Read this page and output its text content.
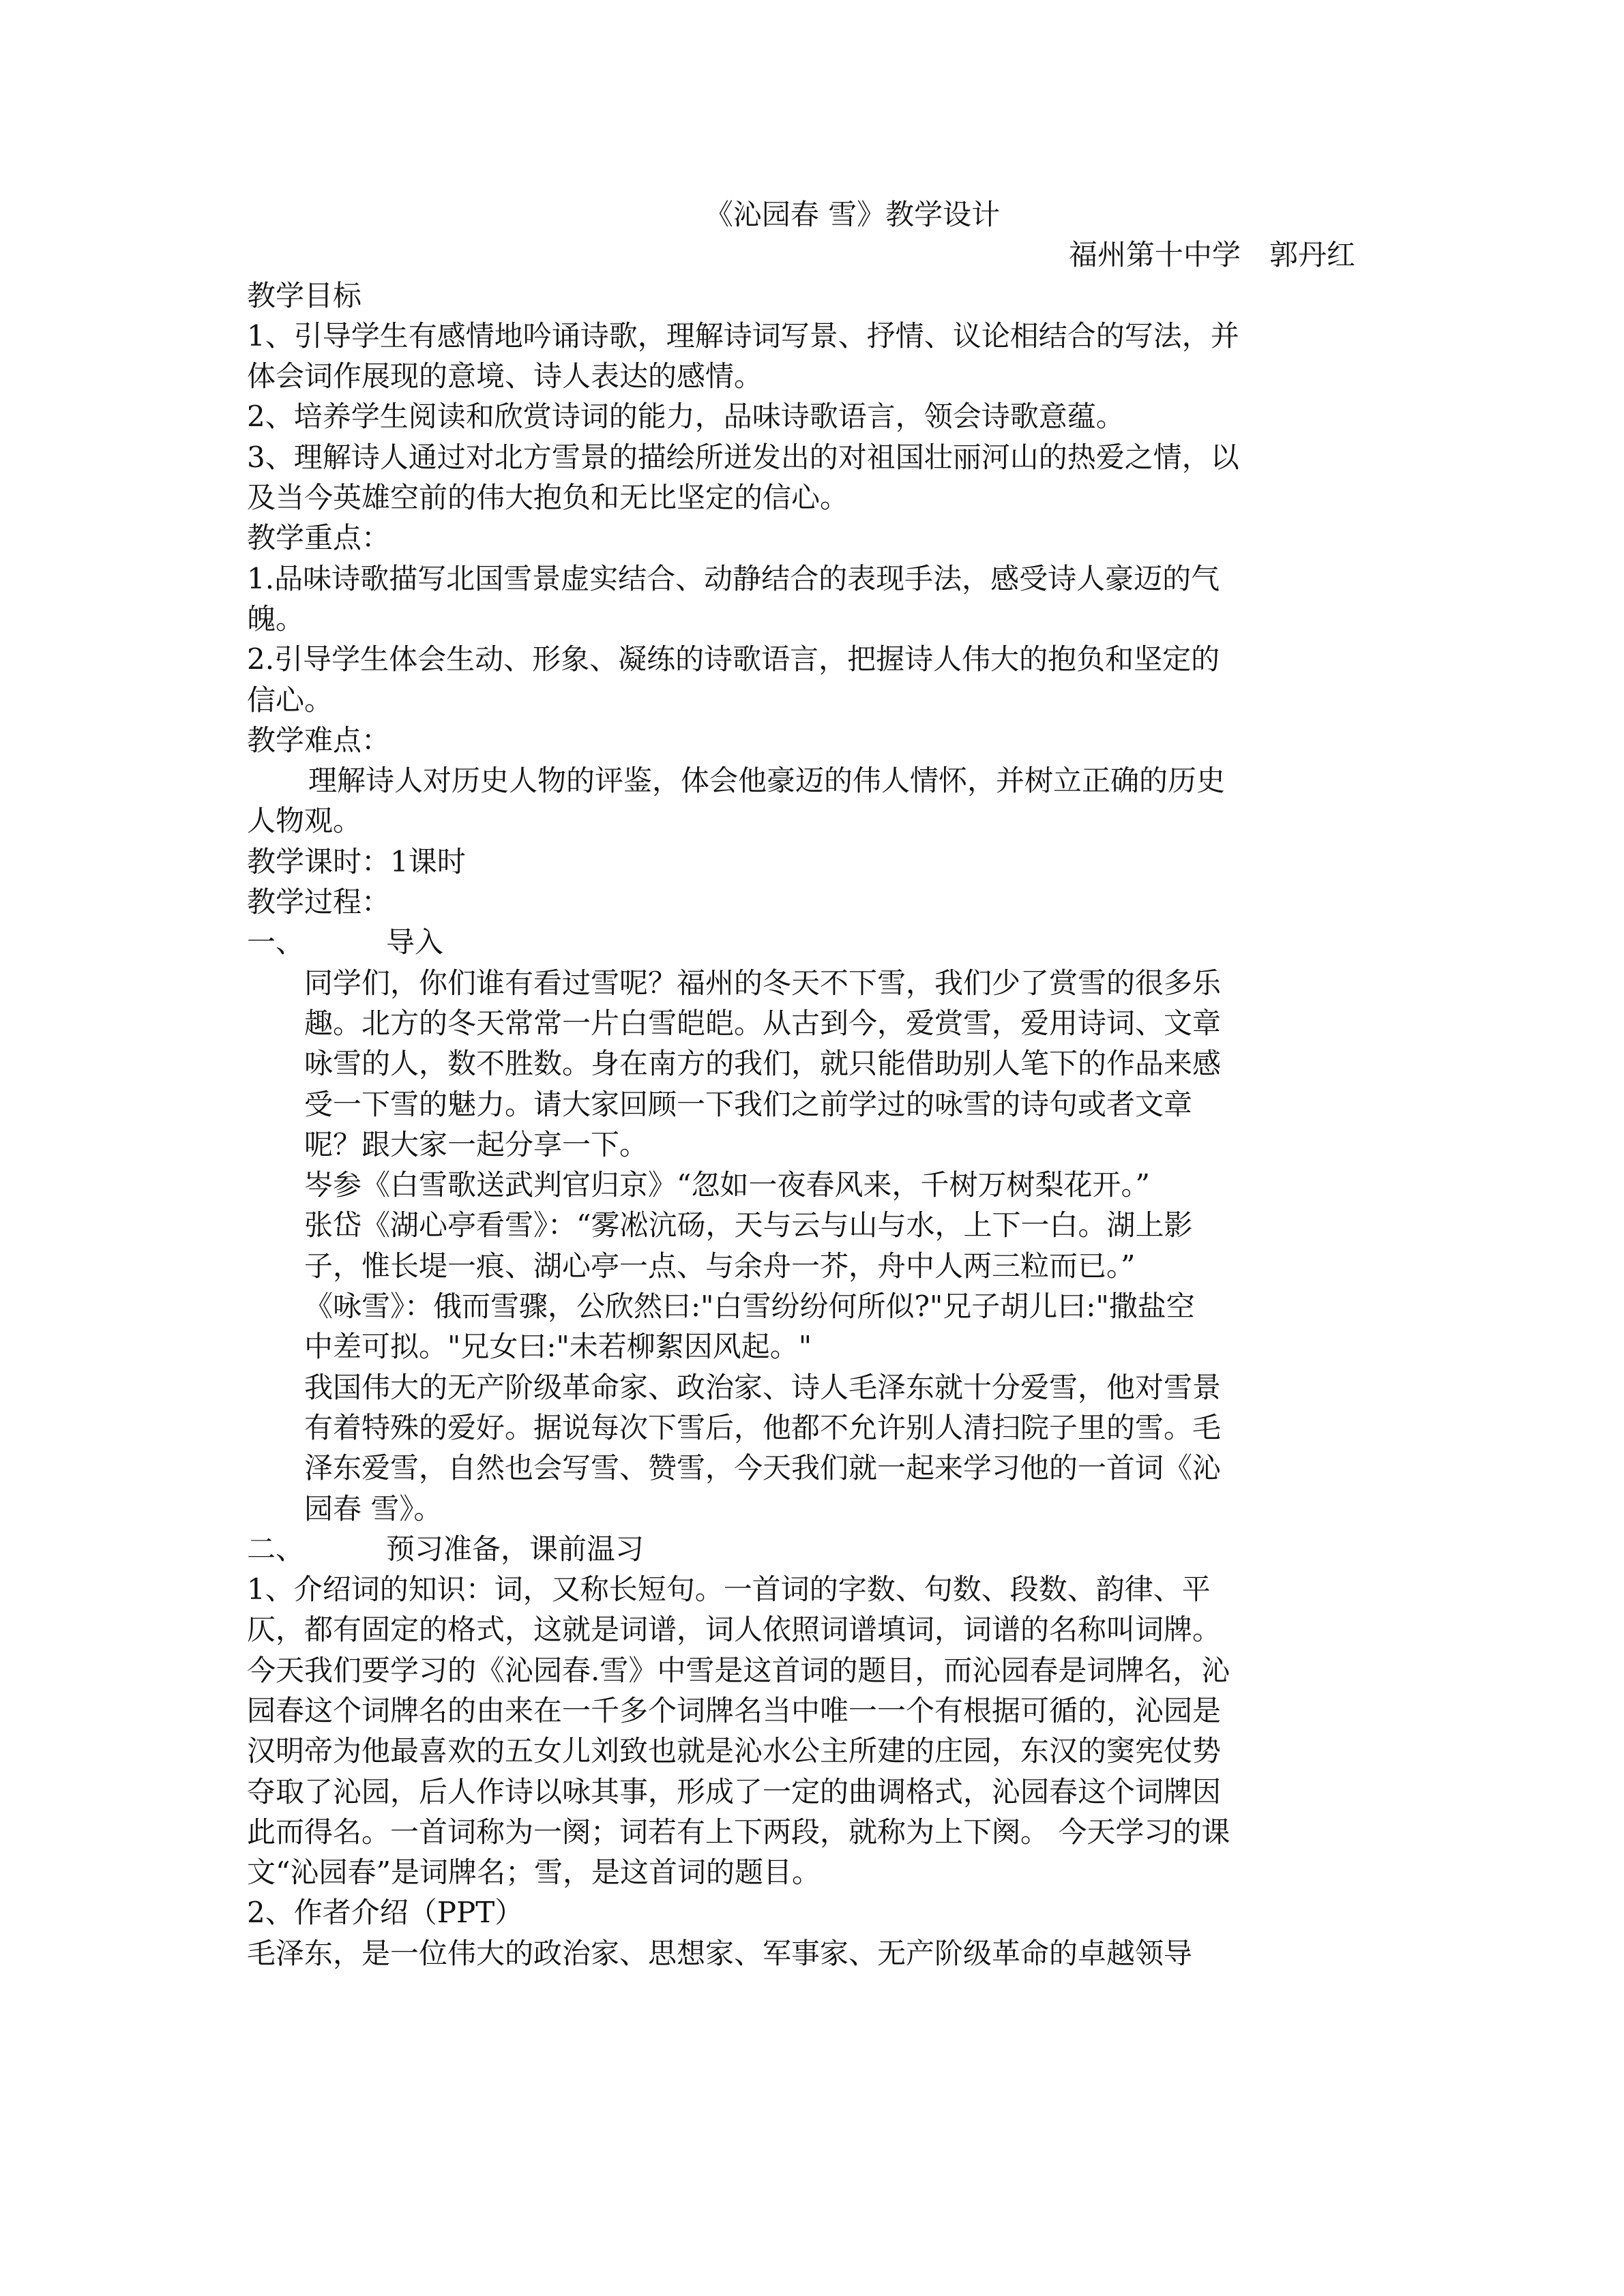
《沁园春 雪》教学设计
福州第十中学　郭丹红
教学目标
1、引导学生有感情地吟诵诗歌，理解诗词写景、抒情、议论相结合的写法，并
体会词作展现的意境、诗人表达的感情。
2、培养学生阅读和欣赏诗词的能力，品味诗歌语言，领会诗歌意蕴。
3、理解诗人通过对北方雪景的描绘所迸发出的对祖国壮丽河山的热爱之情，以
及当今英雄空前的伟大抱负和无比坚定的信心。
教学重点：
1.品味诗歌描写北国雪景虚实结合、动静结合的表现手法，感受诗人豪迈的气
魄。
2.引导学生体会生动、形象、凝练的诗歌语言，把握诗人伟大的抱负和坚定的
信心。
教学难点：
理解诗人对历史人物的评鉴，体会他豪迈的伟人情怀，并树立正确的历史
人物观。
教学课时：1课时
教学过程：
一、	导入
同学们，你们谁有看过雪呢？福州的冬天不下雪，我们少了赏雪的很多乐
趣。北方的冬天常常一片白雪皑皑。从古到今，爱赏雪，爱用诗词、文章
咏雪的人，数不胜数。身在南方的我们，就只能借助别人笔下的作品来感
受一下雪的魅力。请大家回顾一下我们之前学过的咏雪的诗句或者文章
呢？跟大家一起分享一下。
岑参《白雪歌送武判官归京》“忽如一夜春风来，千树万树梨花开。”
张岱《湖心亭看雪》：“雾凇沆砀，天与云与山与水，上下一白。湖上影
子，惟长堤一痕、湖心亭一点、与余舟一芥，舟中人两三粒而已。”
《咏雪》：俄而雪骤，公欣然曰:"白雪纷纷何所似?"兄子胡儿曰:"撒盐空
中差可拟。"兄女曰:"未若柳絮因风起。"
我国伟大的无产阶级革命家、政治家、诗人毛泽东就十分爱雪，他对雪景
有着特殊的爱好。据说每次下雪后，他都不允许别人清扫院子里的雪。毛
泽东爱雪，自然也会写雪、赞雪，今天我们就一起来学习他的一首词《沁
园春 雪》。
二、	预习准备，课前温习
1、介绍词的知识：词，又称长短句。一首词的字数、句数、段数、韵律、平
仄，都有固定的格式，这就是词谱，词人依照词谱填词，词谱的名称叫词牌。
今天我们要学习的《沁园春.雪》中雪是这首词的题目，而沁园春是词牌名，沁
园春这个词牌名的由来在一千多个词牌名当中唯一一个有根据可循的，沁园是
汉明帝为他最喜欢的五女儿刘致也就是沁水公主所建的庄园，东汉的窦宪仗势
夺取了沁园，后人作诗以咏其事，形成了一定的曲调格式，沁园春这个词牌因
此而得名。一首词称为一阕；词若有上下两段，就称为上下阕。 今天学习的课
文“沁园春”是词牌名；雪，是这首词的题目。
2、作者介绍（PPT）
毛泽东，是一位伟大的政治家、思想家、军事家、无产阶级革命的卓越领导
